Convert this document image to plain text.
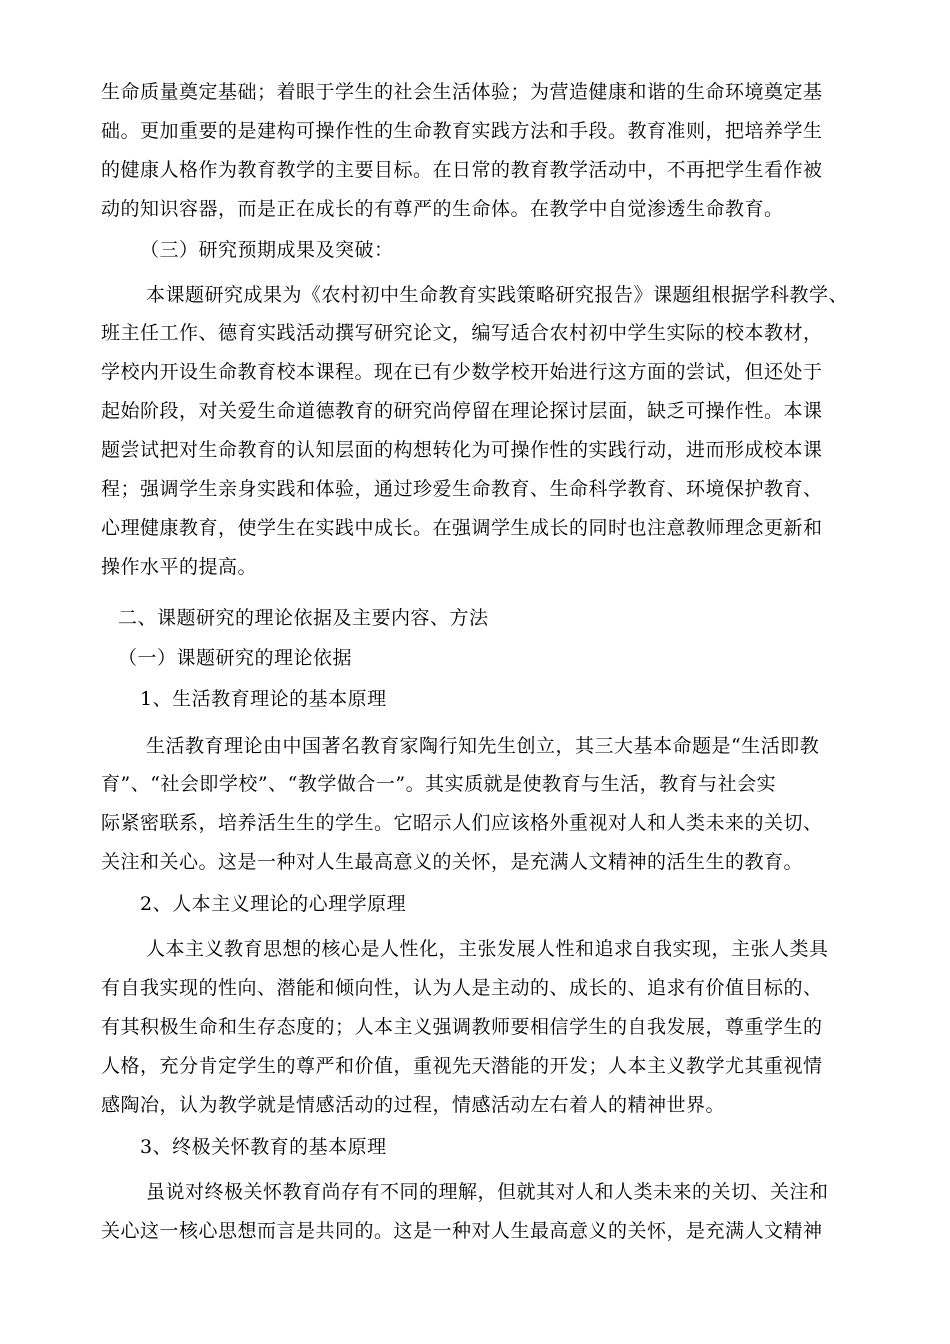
生命质量奠定基础；着眼于学生的社会生活体验；为营造健康和谐的生命环境奠定基
础。更加重要的是建构可操作性的生命教育实践方法和手段。教育准则，把培养学生
的健康人格作为教育教学的主要目标。在日常的教育教学活动中，不再把学生看作被
动的知识容器，而是正在成长的有尊严的生命体。在教学中自觉渗透生命教育。
（三）研究预期成果及突破：
本课题研究成果为《农村初中生命教育实践策略研究报告》课题组根据学科教学、
班主任工作、德育实践活动撰写研究论文，编写适合农村初中学生实际的校本教材，
学校内开设生命教育校本课程。现在已有少数学校开始进行这方面的尝试，但还处于
起始阶段，对关爱生命道德教育的研究尚停留在理论探讨层面，缺乏可操作性。本课
题尝试把对生命教育的认知层面的构想转化为可操作性的实践行动，进而形成校本课
程；强调学生亲身实践和体验，通过珍爱生命教育、生命科学教育、环境保护教育、
心理健康教育，使学生在实践中成长。在强调学生成长的同时也注意教师理念更新和
操作水平的提高。
二、课题研究的理论依据及主要内容、方法
（一）课题研究的理论依据
1、生活教育理论的基本原理
生活教育理论由中国著名教育家陶行知先生创立，其三大基本命题是“生活即教
育”、“社会即学校”、“教学做合一”。其实质就是使教育与生活，教育与社会实
际紧密联系，培养活生生的学生。它昭示人们应该格外重视对人和人类未来的关切、
关注和关心。这是一种对人生最高意义的关怀，是充满人文精神的活生生的教育。
2、人本主义理论的心理学原理
人本主义教育思想的核心是人性化，主张发展人性和追求自我实现，主张人类具
有自我实现的性向、潜能和倾向性，认为人是主动的、成长的、追求有价值目标的、
有其积极生命和生存态度的；人本主义强调教师要相信学生的自我发展，尊重学生的
人格，充分肯定学生的尊严和价值，重视先天潜能的开发；人本主义教学尤其重视情
感陶冶，认为教学就是情感活动的过程，情感活动左右着人的精神世界。
3、终极关怀教育的基本原理
虽说对终极关怀教育尚存有不同的理解，但就其对人和人类未来的关切、关注和
关心这一核心思想而言是共同的。这是一种对人生最高意义的关怀，是充满人文精神
